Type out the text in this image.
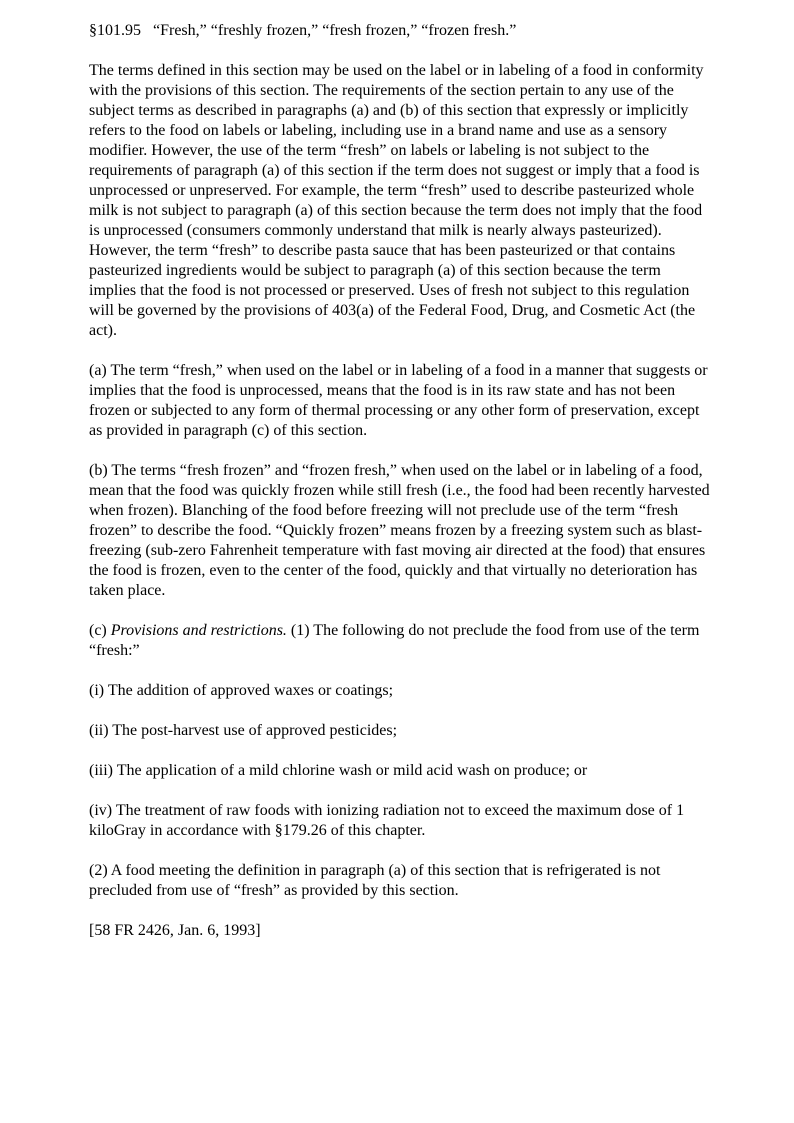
§101.95   “Fresh,” “freshly frozen,” “fresh frozen,” “frozen fresh.”

The terms defined in this section may be used on the label or in labeling of a food in conformity with the provisions of this section. The requirements of the section pertain to any use of the subject terms as described in paragraphs (a) and (b) of this section that expressly or implicitly refers to the food on labels or labeling, including use in a brand name and use as a sensory modifier. However, the use of the term “fresh” on labels or labeling is not subject to the requirements of paragraph (a) of this section if the term does not suggest or imply that a food is unprocessed or unpreserved. For example, the term “fresh” used to describe pasteurized whole milk is not subject to paragraph (a) of this section because the term does not imply that the food is unprocessed (consumers commonly understand that milk is nearly always pasteurized). However, the term “fresh” to describe pasta sauce that has been pasteurized or that contains pasteurized ingredients would be subject to paragraph (a) of this section because the term implies that the food is not processed or preserved. Uses of fresh not subject to this regulation will be governed by the provisions of 403(a) of the Federal Food, Drug, and Cosmetic Act (the act).

(a) The term “fresh,” when used on the label or in labeling of a food in a manner that suggests or implies that the food is unprocessed, means that the food is in its raw state and has not been frozen or subjected to any form of thermal processing or any other form of preservation, except as provided in paragraph (c) of this section.

(b) The terms “fresh frozen” and “frozen fresh,” when used on the label or in labeling of a food, mean that the food was quickly frozen while still fresh (i.e., the food had been recently harvested when frozen). Blanching of the food before freezing will not preclude use of the term “fresh frozen” to describe the food. “Quickly frozen” means frozen by a freezing system such as blast-freezing (sub-zero Fahrenheit temperature with fast moving air directed at the food) that ensures the food is frozen, even to the center of the food, quickly and that virtually no deterioration has taken place.

(c) Provisions and restrictions. (1) The following do not preclude the food from use of the term “fresh:”

(i) The addition of approved waxes or coatings;

(ii) The post-harvest use of approved pesticides;

(iii) The application of a mild chlorine wash or mild acid wash on produce; or

(iv) The treatment of raw foods with ionizing radiation not to exceed the maximum dose of 1 kiloGray in accordance with §179.26 of this chapter.

(2) A food meeting the definition in paragraph (a) of this section that is refrigerated is not precluded from use of “fresh” as provided by this section.

[58 FR 2426, Jan. 6, 1993]
